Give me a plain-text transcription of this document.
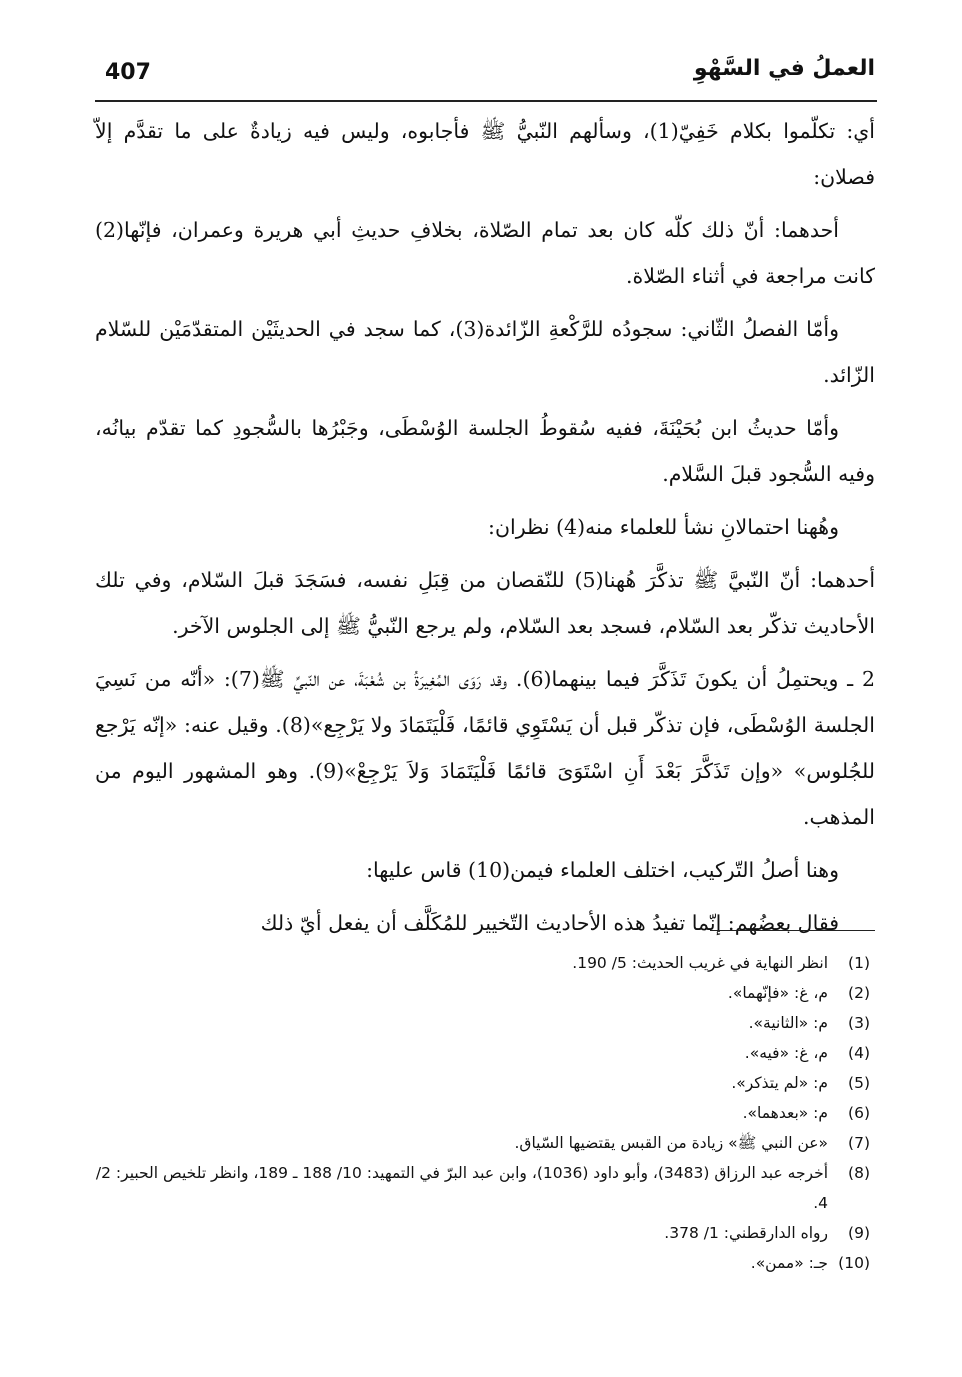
407	العملُ في السَّهْوِ

أي: تكلّموا بكلام خَفِيّ(1)، وسألهم النّبيُّ ﷺ فأجابوه، وليس فيه زيادةٌ على ما تقدَّم إلاّ فصلان:

أحدهما: أنّ ذلك كلّه كان بعد تمام الصّلاة، بخلافِ حديثِ أبي هريرة وعمران، فإنّها(2) كانت مراجعة في أثناء الصّلاة.

وأمّا الفصلُ الثّاني: سجودُه للرَّكْعةِ الزّائدة(3)، كما سجد في الحديثَيْن المتقدّمَيْن للسّلام الزّائد.

وأمّا حديثُ ابن بُحَيْنَةَ، ففيه سُقوطُ الجلسة الوُسْطَى، وجَبْرُها بالسُّجودِ كما تقدّم بيانُه، وفيه السُّجود قبلَ السَّلام.

وهُهنا احتمالانِ نشأ للعلماء منه(4) نظران:

أحدهما: أنّ النّبيَّ ﷺ تذكَّرَ هُهنا(5) للنّقصان من قِبَلِ نفسه، فسَجَدَ قبلَ السّلام، وفي تلك الأحاديث تذكّر بعد السّلام، فسجد بعد السّلام، ولم يرجع النّبيُّ ﷺ إلى الجلوس الآخر.

2 ـ ويحتمِلُ أن يكونَ تَذَكَّرَ فيما بينهما(6). وقد رَوَى المُغِيرَةُ بن شُعْبَةَ، عن النّبيِّ ﷺ(7): «أنّه من نَسِيَ الجلسة الوُسْطَى، فإن تذكّر قبل أن يَسْتَوِي قائمًا، فَلْيَتَمَادَ ولا يَرْجِع»(8). وقيل عنه: «إنّه يَرْجع للجُلوس» «وإن تَذَكَّرَ بَعْدَ أَنِ اسْتَوَىَ قائمًا فَلْيَتَمَادَ وَلاَ يَرْجِعْ»(9). وهو المشهور اليوم من المذهب.

وهنا أصلُ التّركيب، اختلف العلماء فيمن(10) قاس عليها:

فقال بعضُهم: إنّما تفيدُ هذه الأحاديث التّخيير للمُكَلَّف أن يفعل أيّ ذلك

(1)
انظر النهاية في غريب الحديث: 5/ 190.
(2)
م، غ: «فإنّهما».
(3)
م: «الثانية».
(4)
م، غ: «فيه».
(5)
م: «لم يتذكر».
(6)
م: «بعدهما».
(7)
«عن النبي ﷺ» زيادة من القبس يقتضيها السّياق.
(8)
أخرجه عبد الرزاق (3483)، وأبو داود (1036)، وابن عبد البرّ في التمهيد: 10/ 188 ـ 189، وانظر تلخيص الحبير: 2/ 4.
(9)
رواه الدارقطني: 1/ 378.
(10)
جـ: «ممن».
